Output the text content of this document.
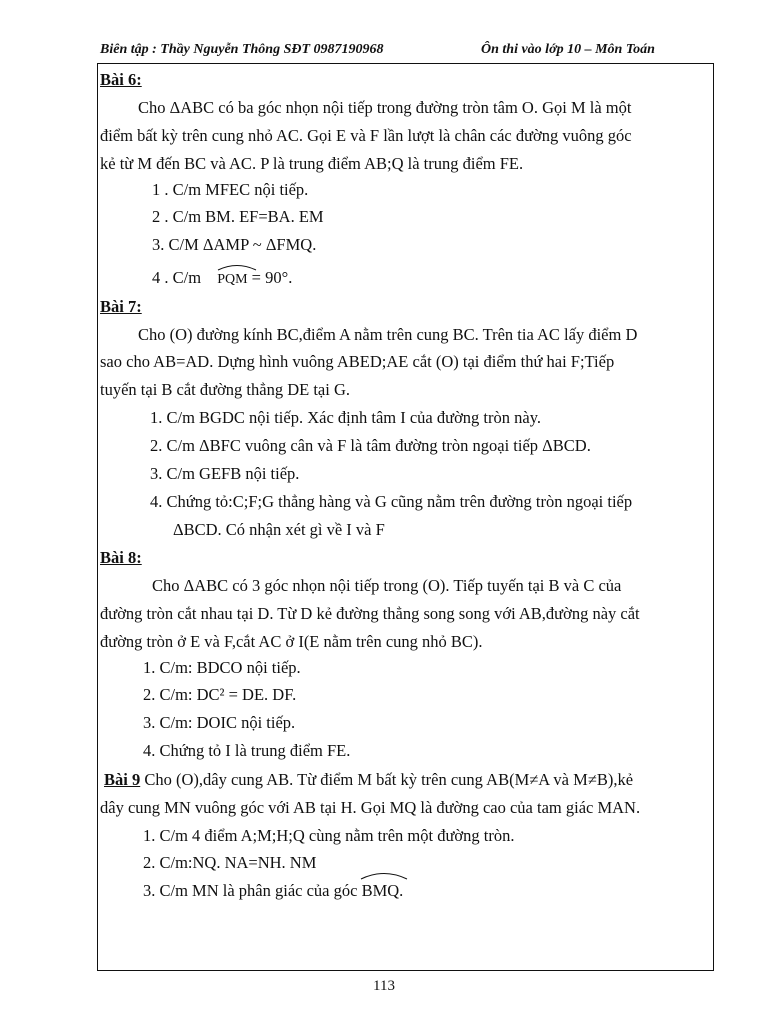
Biên tập : Thầy Nguyễn Thông SĐT 0987190968	Ôn thi vào lớp 10 – Môn Toán
Bài 6:
Cho ΔABC có ba góc nhọn nội tiếp trong đường tròn tâm O. Gọi M là một
điểm bất kỳ trên cung nhỏ AC. Gọi E và F lần lượt là chân các đường vuông góc
kẻ từ M đến BC và AC. P là trung điểm AB;Q là trung điểm FE.
1 . C/m MFEC nội tiếp.
2 . C/m BM. EF=BA. EM
3. C/M ΔAMP ~ ΔFMQ.
4 . C/m PQM = 90°.
Bài 7:
Cho (O) đường kính BC,điểm A nằm trên cung BC. Trên tia AC lấy điểm D
sao cho AB=AD. Dựng hình vuông ABED;AE cắt (O) tại điểm thứ hai F;Tiếp
tuyến tại B cắt đường thẳng DE tại G.
1. C/m BGDC nội tiếp. Xác định tâm I của đường tròn này.
2. C/m ΔBFC vuông cân và F là tâm đường tròn ngoại tiếp ΔBCD.
3. C/m GEFB nội tiếp.
4. Chứng tỏ:C;F;G thẳng hàng và G cũng nằm trên đường tròn ngoại tiếp
ΔBCD. Có nhận xét gì về I và F
Bài 8:
Cho ΔABC có 3 góc nhọn nội tiếp trong (O). Tiếp tuyến tại B và C của
đường tròn cắt nhau tại D. Từ D kẻ đường thẳng song song với AB,đường này cắt
đường tròn ở E và F,cắt AC ở I(E nằm trên cung nhỏ BC).
1. C/m: BDCO nội tiếp.
2. C/m: DC² = DE. DF.
3. C/m: DOIC nội tiếp.
4. Chứng tỏ I là trung điểm FE.
Bài 9 Cho (O),dây cung AB. Từ điểm M bất kỳ trên cung AB(M≠A và M≠B),kẻ
dây cung MN vuông góc với AB tại H. Gọi MQ là đường cao của tam giác MAN.
1. C/m 4 điểm A;M;H;Q cùng nằm trên một đường tròn.
2. C/m:NQ. NA=NH. NM
3. C/m MN là phân giác của góc
BMQ.
113
